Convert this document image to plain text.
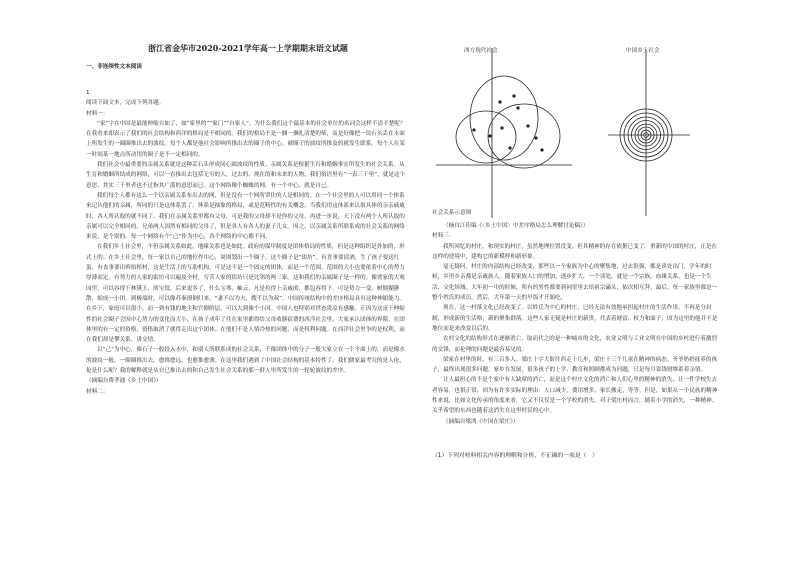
浙江省金华市2020-2021学年高一上学期期末语文试题
一、非连续性文本阅读
1.
阅读下面文本，完成下列各题。
材料一：
“家”字在中国是最能伸缩自如了，如“家里的”“家门”“自家人”。为什么我们这个最基本的社会单位的名词会这样不清不楚呢？在我看来却表示了我们的社会结构和西洋的格局是不相同的。我们的格局不是一捆一捆扎清楚的柴，而是好像把一块石头丢在水面上所发生的一圈圈推出去的波纹。每个人都是他社会影响所推出去的圈子的中心。被圈子的波纹所推及的就发生联系。每个人在某一时间某一地点所动用的圈子是不一定相同的。
我们社会中最重要的亲属关系就是这种丢石头形成同心圆波纹的性质。亲属关系是根据生育和婚姻事实所发生的社会关系。从生育和婚姻所结成的网络，可以一直推出去包括无穷的人，过去的、现在的和未来的人物。我们俗语里有“一表三千里”，就是这个意思，其实三千里者也不过指其广漠的意思而已。这个网络像个蜘蛛的网，有一个中心，就是自己。
我们每个人都有这么一个以亲属关系布出去的网，但是没有一个网所罩住的人是相同的。在一个社会里的人可以用同一个体系来记认他们的亲属，所同的只是这体系罢了。体系是抽象的格局，或是范畴性的有关概念。当我们用这体系来认取具体的亲亲戚戚时，各人所认取的就不同了。我们在亲属关系里都有父母，可是我的父母却不是你的父母。再进一步说，天下没有两个人所认取的亲属可以完全相同的。兄弟两人固然有相同的父母了，但是各人有各人的妻子儿女。因之，以亲属关系所联系成的社会关系的网络来说，是个别的。每一个网络有个“己”作为中心，各个网络的中心都不同。
在我们乡土社会里，不但亲属关系如此，地缘关系也是如此。政府的保甲制度是团体格局的性质，但是这种组织是外加的，形式上的。在乡土社会里，每一家以自己的地位作中心，周围划出一个圈子，这个圈子是“街坊”。有喜事要请酒，生了孩子要送红蛋，有丧事要出殡抬棺材，这是生活上的互助机构。可是这不是一个固定的团体，而是一个范围。范围的大小也要依着中心的势力厚薄而定。有势力的人家的街坊可以遍及全村，穷苦人家的街坊只是比邻的两三家。这和我们的亲属圈子是一样的。像贾家的大观园里，可以容得下林黛玉、薛宝钗，后来更多了，什么宝琴、岫云，凡是拉得上亲戚的，都包容得下。可是势力一变，树倒猢狲散，缩成一小团。到极端时，可以像苏秦潦倒归来，“妻不以为夫，嫂不以为叔”。中国传统结构中的差序格局具有这种伸缩能力。在乡下，家庭可以很小，而一到有钱的地主和官僚阶层，可以大到像个小国。中国人也特别对世态炎凉有感触，正因为这富于伸缩性的社会圈子会因中心势力的变化而大小。在孩子成年了住在家里都得给父母收膳宿费的西洋社会里，大家承认团体的界限。在团体里的有一定的资格，资格取消了就得走出这个团体。在他们不是人情冷热的问题，而是权利问题。在西洋社会里争的是权利，而在我们却是攀关系、讲交情。
以“己”为中心，像石子一般投入水中，和别人所联系成的社会关系，不像团体中的分子一般大家立在一个平面上的，而是像水的波纹一般，一圈圈推出去，愈推愈远，也愈推愈薄。在这里我们遇到了中国社会结构的基本特性了。我们儒家最考究的是人伦，伦是什么呢？我的解释就是从自己推出去的和自己发生社会关系的那一群人里所发生的一轮轮波纹的差序。
（摘编自费孝通《乡土中国》）
材料二：
西方现代社会	中国乡土社会
社会关系示意图
（摘自江佳编《〈乡土中国〉中差序格局怎么理解讨论稿》）
材料三：
我所回忆的村庄，和现实的村庄，虽然地理位置没变，但其精神的存在依据已变了。重新的中国的村庄，正是在这样的逆境中，建构它的新模样和新形象。
毫无疑问，村庄的内部结构已经改变，那些以一个家族为中心的聚集地，过去很强，都是谈处出门，学年的时候，乡里乡亲都是亲戚族人。随着家族人口的增加，逐步扩大，一个谈处，就是一个宗族，血缘关系，也是一个生活、文化场域。大年初一中的时候，所有的男性都要到祠堂里去给祖宗磕头，依次相互拜，最后，每一家族里都是一整个姓氏的成员。然后，大年第一天的早饭才开始吃。
现在，这一村落文化已经改变了。以姓氏为中心的村庄，已经无法有效地承担起村庄的生活作用。不再是分封制，形成新的生活格，新的聚集群落。这些人家无疑是村庄的新贵，代表着财富、权力和面子，因为这里的他并不是地位而是来改变以后的。
农村文化的结构形式在逐渐消亡，取而代之的是一种城市的文化，农业文明与工业文明在中国的乡村进行着激烈的交锋，而伦理的问题是最容易见的。
梁家在村里的时，有三百多人。梁庄十字大街往西走十几步，梁庄十三个儿童在精神的病态。爷爷奶奶抚养的孩子，最终出现很多问题。家乡在发展，很多孩子的上学、教育和照顾都成为问题，只是每月靠钱财维系着亲情。
让人最担心的不是个家中有人缺席的消亡，而是这个村庄文化的消亡和人们心里的精神的消失。让一件学校失去者容易，也很正常，因为有许多实际的理由：人口减少，费用增多，家长搬走，等等。但是，如果从一个民族的精神性来说，比如文化传承的角度来看，它又不仅仅是一个学校的消失。对于梁庄村而言，随着小学的消失，一种精神、关乎希望的东西也随着这消失在这里村民的心中。
（摘编自梁鸿《中国在梁庄》）
（1）下列对材料相关内容的理解和分析，不正确的一项是（　）
